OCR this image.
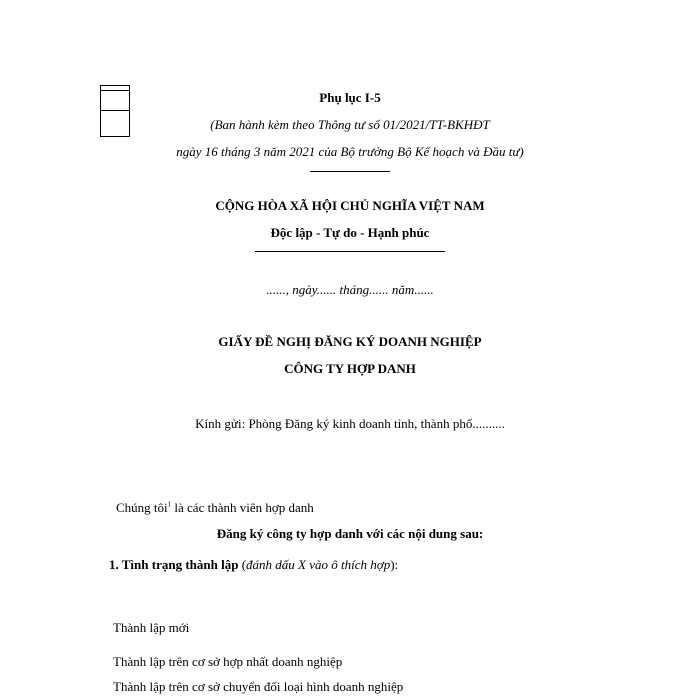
Phụ lục I-5
(Ban hành kèm theo Thông tư số 01/2021/TT-BKHĐT
ngày 16 tháng 3 năm 2021 của Bộ trưởng Bộ Kế hoạch và Đầu tư)
CỘNG HÒA XÃ HỘI CHỦ NGHĨA VIỆT NAM
Độc lập - Tự do - Hạnh phúc
......, ngày...... tháng...... năm......
GIẤY ĐỀ NGHỊ ĐĂNG KÝ DOANH NGHIỆP
CÔNG TY HỢP DANH
Kính gửi: Phòng Đăng ký kinh doanh tỉnh, thành phố..........
Chúng tôi$^1$ là các thành viên hợp danh
Đăng ký công ty hợp danh với các nội dung sau:
1. Tình trạng thành lập (đánh dấu X vào ô thích hợp):
Thành lập mới
Thành lập trên cơ sở hợp nhất doanh nghiệp
Thành lập trên cơ sở chuyển đổi loại hình doanh nghiệp
